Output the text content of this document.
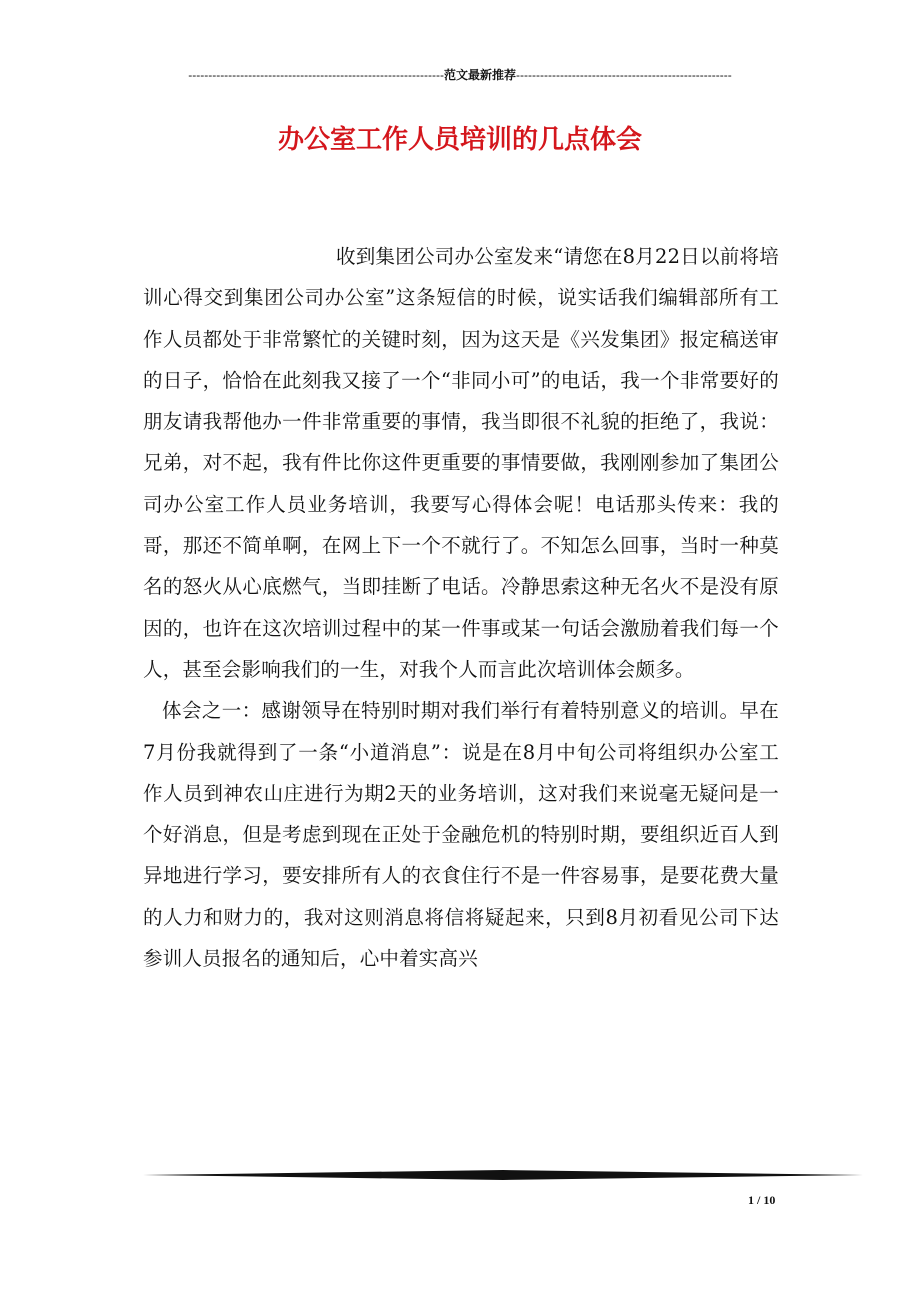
----------------------------------------------------------------范文最新推荐------------------------------------------------------
办公室工作人员培训的几点体会

收到集团公司办公室发来“请您在8月22日以前将培训心得交到集团公司办公室”这条短信的时候，说实话我们编辑部所有工作人员都处于非常繁忙的关键时刻，因为这天是《兴发集团》报定稿送审的日子，恰恰在此刻我又接了一个“非同小可”的电话，我一个非常要好的朋友请我帮他办一件非常重要的事情，我当即很不礼貌的拒绝了，我说：兄弟，对不起，我有件比你这件更重要的事情要做，我刚刚参加了集团公司办公室工作人员业务培训，我要写心得体会呢！电话那头传来：我的哥，那还不简单啊，在网上下一个不就行了。不知怎么回事，当时一种莫名的怒火从心底燃气，当即挂断了电话。冷静思索这种无名火不是没有原因的，也许在这次培训过程中的某一件事或某一句话会激励着我们每一个人，甚至会影响我们的一生，对我个人而言此次培训体会颇多。

体会之一：感谢领导在特别时期对我们举行有着特别意义的培训。早在7月份我就得到了一条“小道消息”：说是在8月中旬公司将组织办公室工作人员到神农山庄进行为期2天的业务培训，这对我们来说毫无疑问是一个好消息，但是考虑到现在正处于金融危机的特别时期，要组织近百人到异地进行学习，要安排所有人的衣食住行不是一件容易事，是要花费大量的人力和财力的，我对这则消息将信将疑起来，只到8月初看见公司下达参训人员报名的通知后，心中着实高兴

1 / 10
